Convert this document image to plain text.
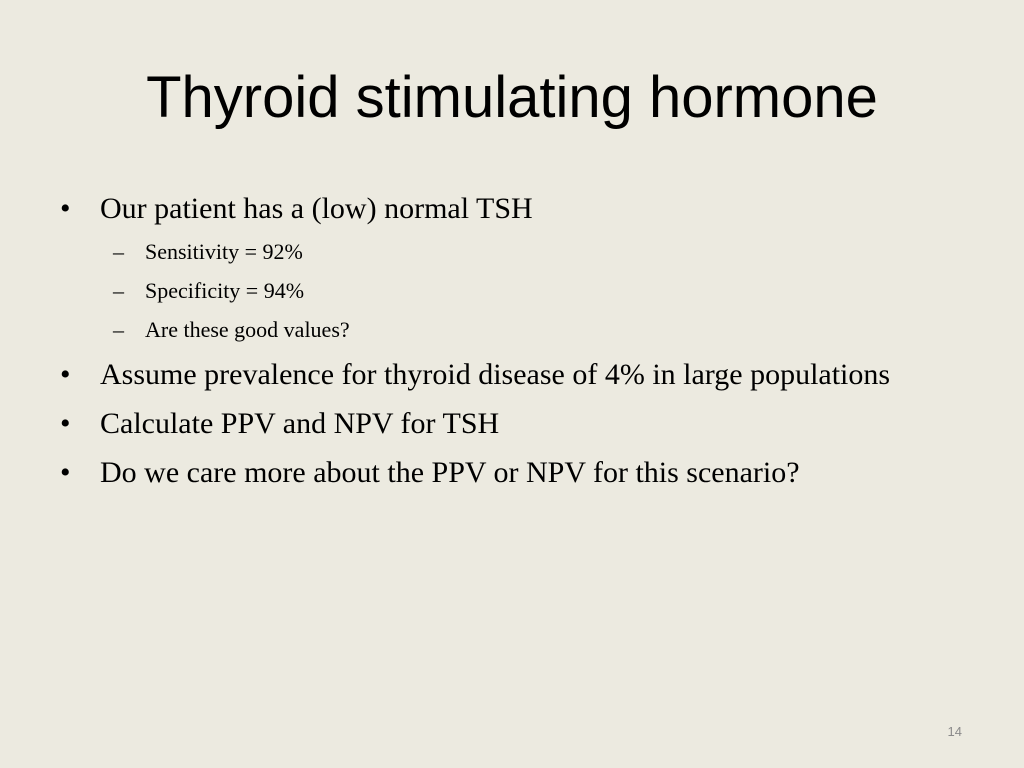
Thyroid stimulating hormone
• Our patient has a (low) normal TSH
– Sensitivity = 92%
– Specificity = 94%
– Are these good values?
• Assume prevalence for thyroid disease of 4% in large populations
• Calculate PPV and NPV for TSH
• Do we care more about the PPV or NPV for this scenario?
14
